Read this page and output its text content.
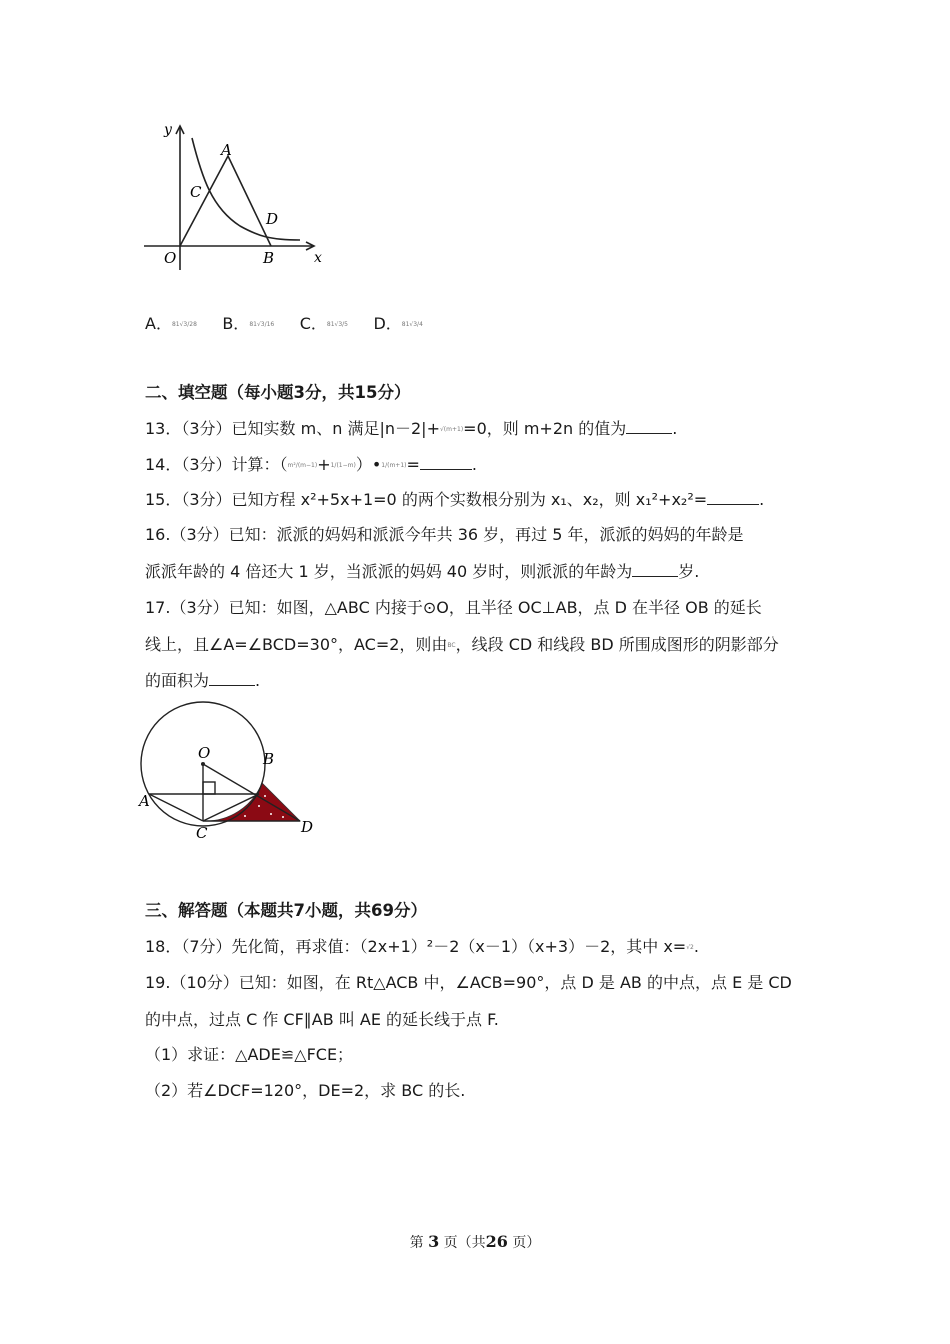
y
x
O
A
B
C
D
A．81√3/28 B．81√3/16 C．81√3/5 D．81√3/4
二、填空题（每小题3分，共15分）
13．（3分）已知实数 m、n 满足|n－2|+√(m+1)=0，则 m+2n 的值为	.
14．（3分）计算：（m²/(m−1)+1/(1−m)）•1/(m+1)=	.
15．（3分）已知方程 x²+5x+1=0 的两个实数根分别为 x₁、x₂，则 x₁²+x₂²=	.
16.（3分）已知：派派的妈妈和派派今年共 36 岁，再过 5 年，派派的妈妈的年龄是
派派年龄的 4 倍还大 1 岁，当派派的妈妈 40 岁时，则派派的年龄为	岁.
17.（3分）已知：如图，△ABC 内接于⊙O，且半径 OC⊥AB，点 D 在半径 OB 的延长
线上，且∠A=∠BCD=30°，AC=2，则由BC，线段 CD 和线段 BD 所围成图形的阴影部分
的面积为	.
O
A
B
C	D
三、解答题（本题共7小题，共69分）
18．（7分）先化简，再求值：（2x+1）²－2（x－1）（x+3）－2，其中 x=√2.
19.（10分）已知：如图，在 Rt△ACB 中，∠ACB=90°，点 D 是 AB 的中点，点 E 是 CD
的中点，过点 C 作 CF∥AB 叫 AE 的延长线于点 F.
（1）求证：△ADE≌△FCE；
（2）若∠DCF=120°，DE=2，求 BC 的长.
第 3 页（共26 页）
